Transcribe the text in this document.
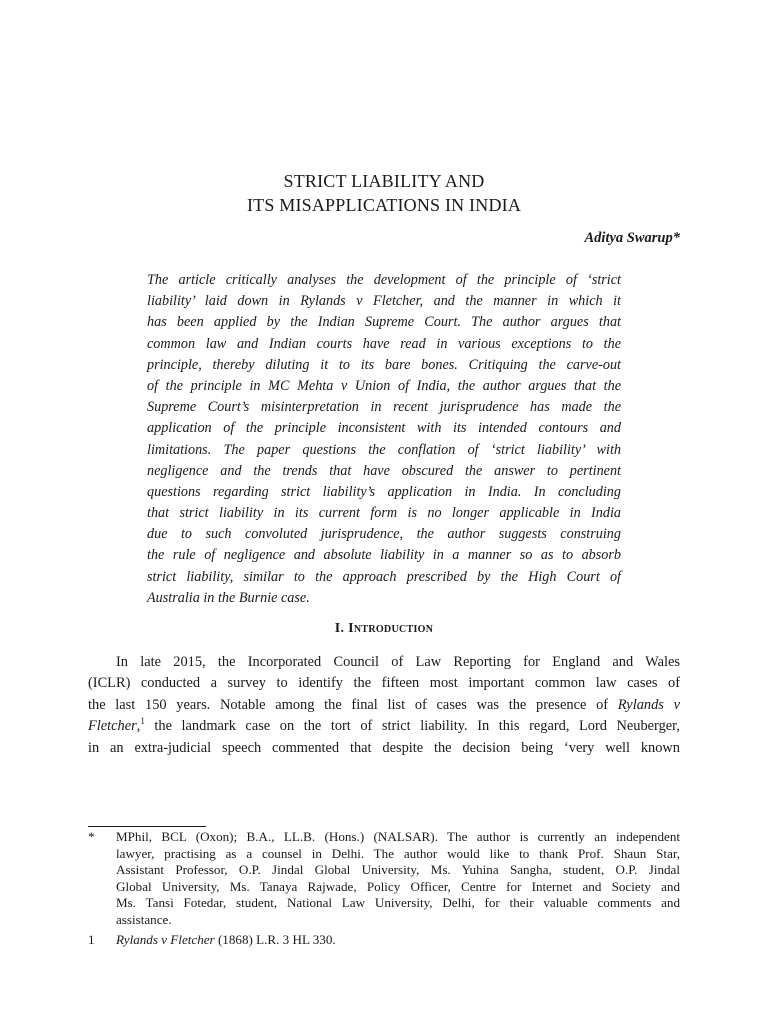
STRICT LIABILITY AND
ITS MISAPPLICATIONS IN INDIA
Aditya Swarup*
The article critically analyses the development of the principle of ‘strict
liability’ laid down in Rylands v Fletcher, and the manner in which it
has been applied by the Indian Supreme Court. The author argues that
common law and Indian courts have read in various exceptions to the
principle, thereby diluting it to its bare bones. Critiquing the carve-out
of the principle in MC Mehta v Union of India, the author argues that the
Supreme Court’s misinterpretation in recent jurisprudence has made the
application of the principle inconsistent with its intended contours and
limitations. The paper questions the conflation of ‘strict liability’ with
negligence and the trends that have obscured the answer to pertinent
questions regarding strict liability’s application in India. In concluding
that strict liability in its current form is no longer applicable in India
due to such convoluted jurisprudence, the author suggests construing
the rule of negligence and absolute liability in a manner so as to absorb
strict liability, similar to the approach prescribed by the High Court of
Australia in the Burnie case.
I. Introduction
In late 2015, the Incorporated Council of Law Reporting for England and Wales
(ICLR) conducted a survey to identify the fifteen most important common law cases of
the last 150 years. Notable among the final list of cases was the presence of Rylands v
Fletcher,$^1$ the landmark case on the tort of strict liability. In this regard, Lord Neuberger,
in an extra-judicial speech commented that despite the decision being ‘very well known
* MPhil, BCL (Oxon); B.A., LL.B. (Hons.) (NALSAR). The author is currently an independent
lawyer, practising as a counsel in Delhi. The author would like to thank Prof. Shaun Star,
Assistant Professor, O.P. Jindal Global University, Ms. Yuhina Sangha, student, O.P. Jindal
Global University, Ms. Tanaya Rajwade, Policy Officer, Centre for Internet and Society and
Ms. Tansi Fotedar, student, National Law University, Delhi, for their valuable comments and
assistance.
1 Rylands v Fletcher (1868) L.R. 3 HL 330.
